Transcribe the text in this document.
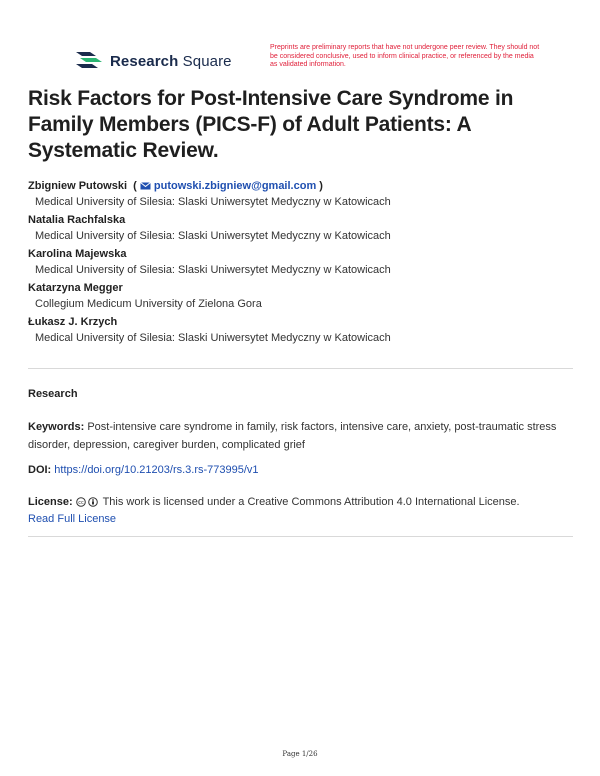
Research Square
Preprints are preliminary reports that have not undergone peer review. They should not be considered conclusive, used to inform clinical practice, or referenced by the media as validated information.
Risk Factors for Post-Intensive Care Syndrome in Family Members (PICS-F) of Adult Patients: A Systematic Review.
Zbigniew Putowski  (  putowski.zbigniew@gmail.com )
Medical University of Silesia: Slaski Uniwersytet Medyczny w Katowicach
Natalia Rachfalska
Medical University of Silesia: Slaski Uniwersytet Medyczny w Katowicach
Karolina Majewska
Medical University of Silesia: Slaski Uniwersytet Medyczny w Katowicach
Katarzyna Megger
Collegium Medicum University of Zielona Gora
Łukasz J. Krzych
Medical University of Silesia: Slaski Uniwersytet Medyczny w Katowicach
Research
Keywords: Post-intensive care syndrome in family, risk factors, intensive care, anxiety, post-traumatic stress disorder, depression, caregiver burden, complicated grief
DOI: https://doi.org/10.21203/rs.3.rs-773995/v1
License: cc This work is licensed under a Creative Commons Attribution 4.0 International License.
Read Full License
Page 1/26
